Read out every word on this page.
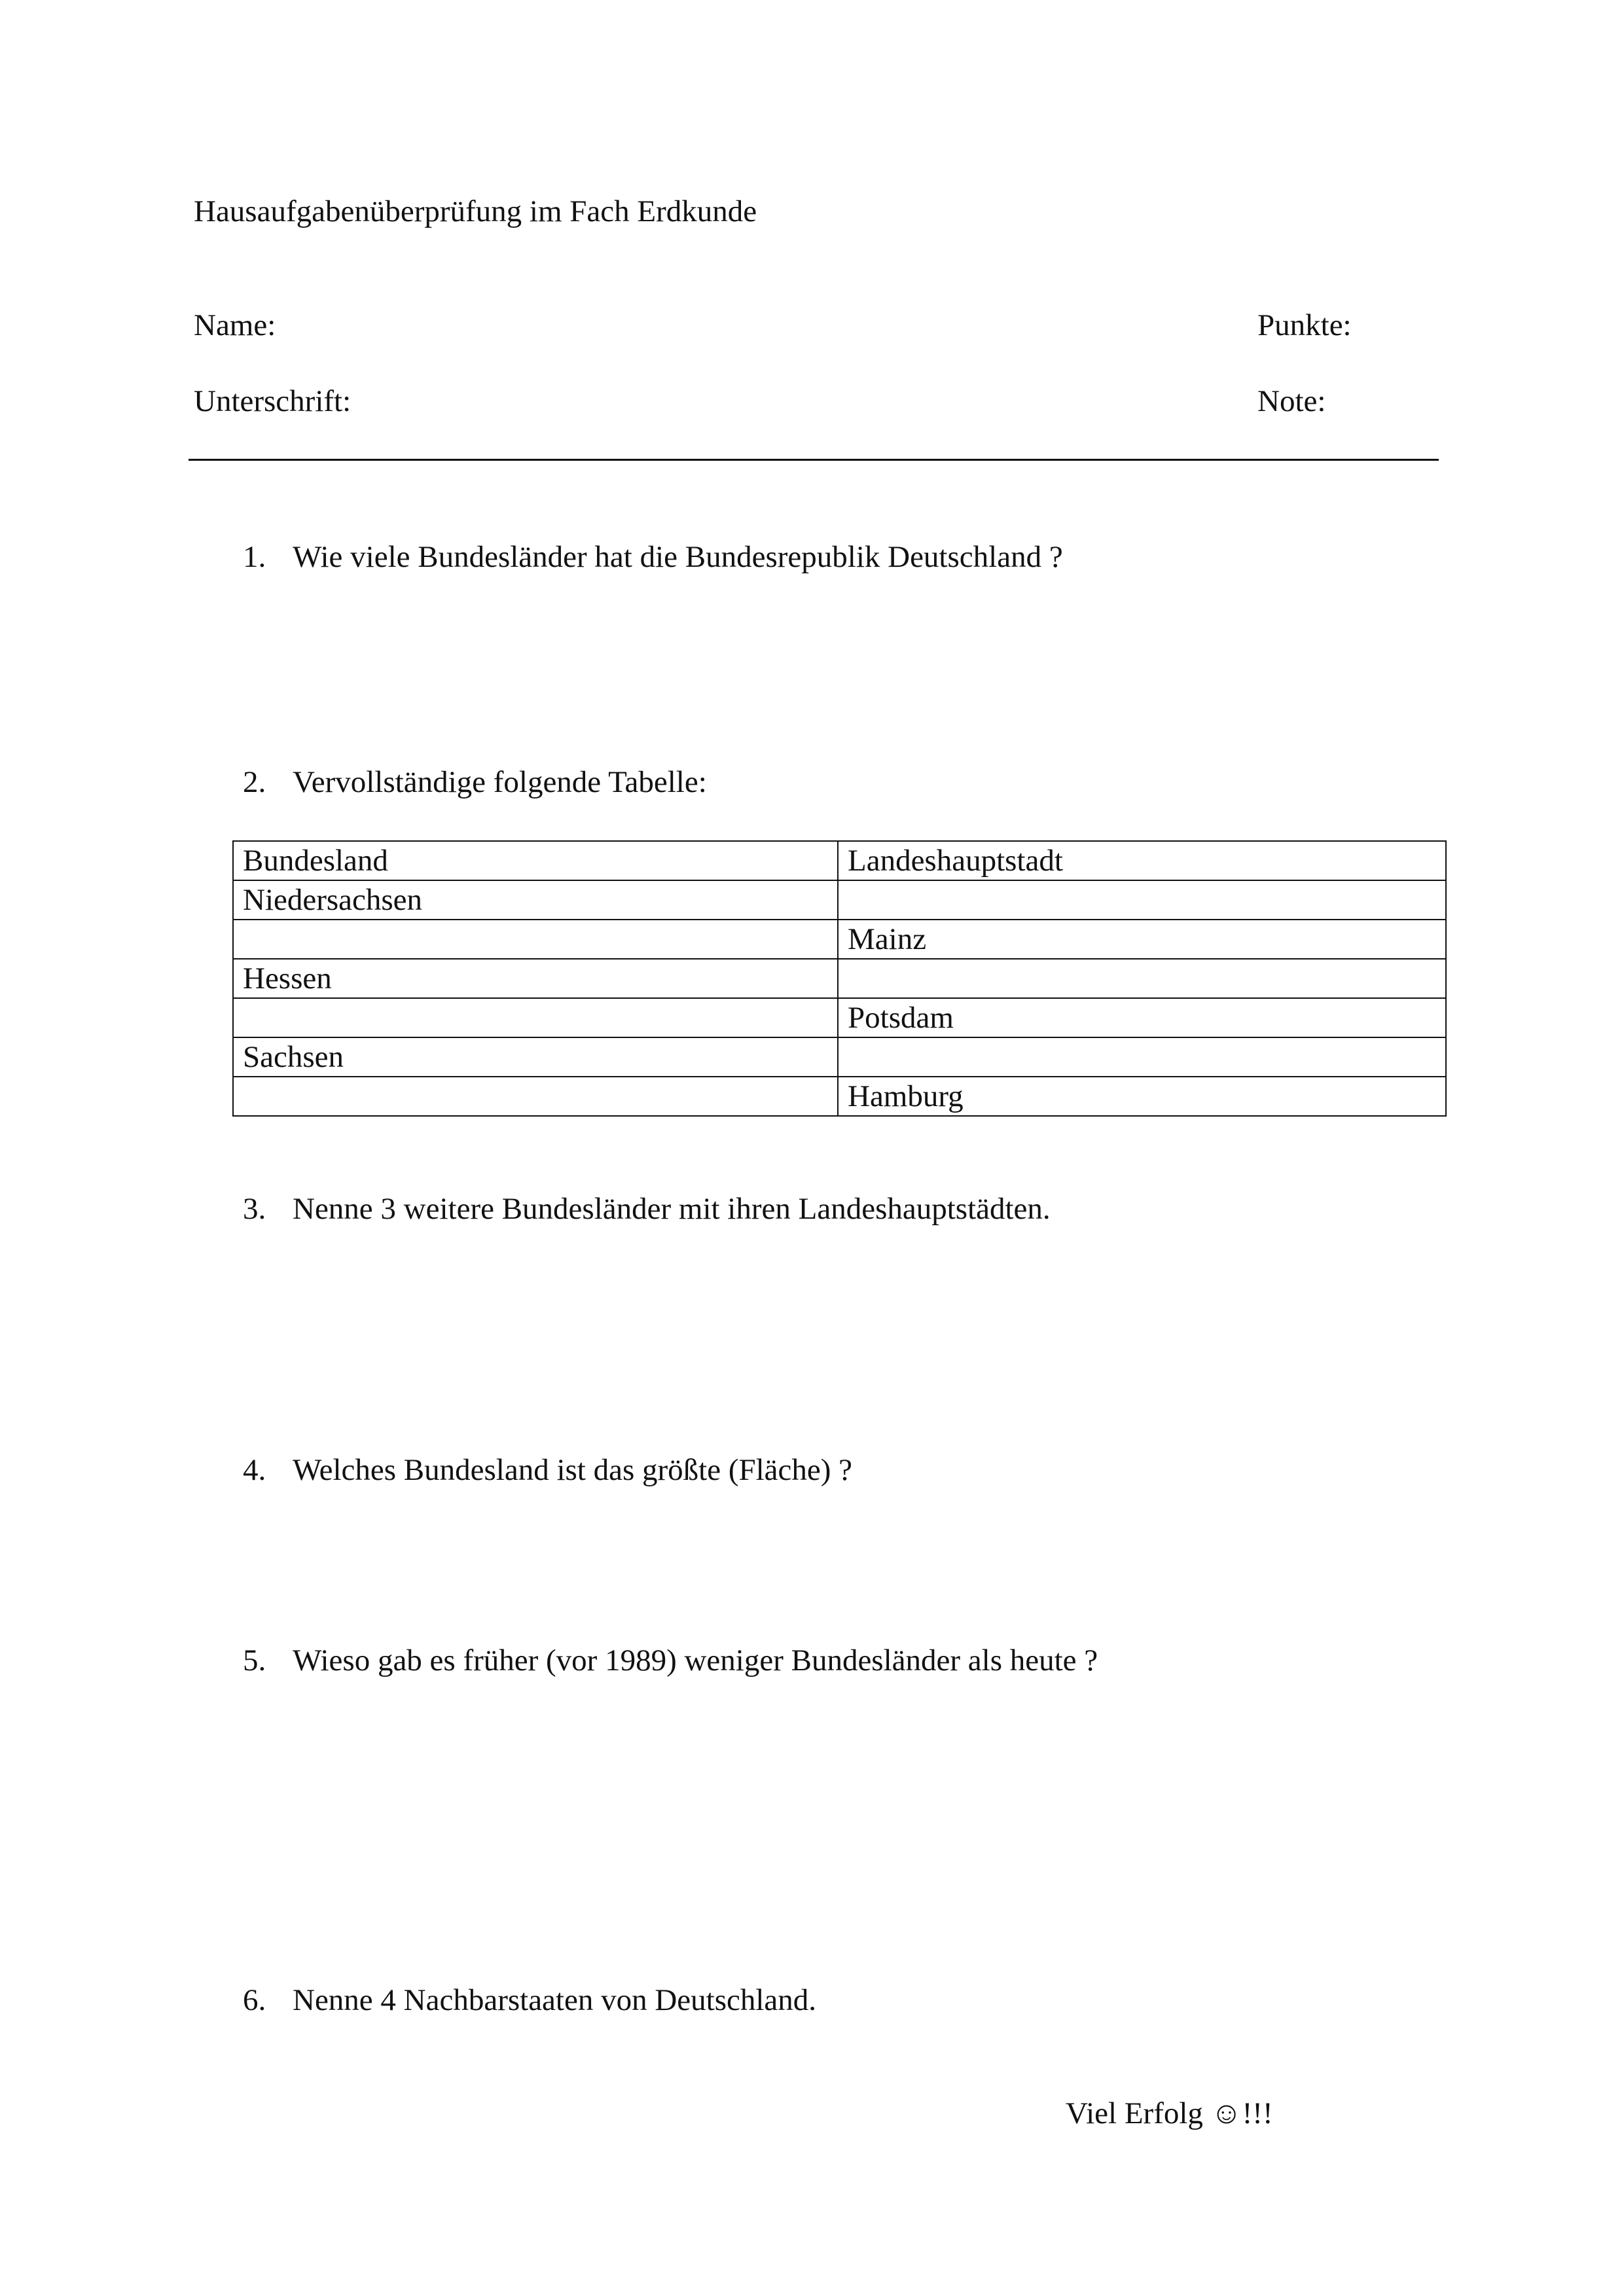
Hausaufgabenüberprüfung im Fach Erdkunde
Name:	Punkte:
Unterschrift:	Note:
1. Wie viele Bundesländer hat die Bundesrepublik Deutschland ?
2. Vervollständige folgende Tabelle:
Bundesland	Landeshauptstadt
Niedersachsen	
	Mainz
Hessen	
	Potsdam
Sachsen	
	Hamburg
3. Nenne 3 weitere Bundesländer mit ihren Landeshauptstädten.
4. Welches Bundesland ist das größte (Fläche) ?
5. Wieso gab es früher (vor 1989) weniger Bundesländer als heute ?
6. Nenne 4 Nachbarstaaten von Deutschland.
Viel Erfolg ☺!!!
